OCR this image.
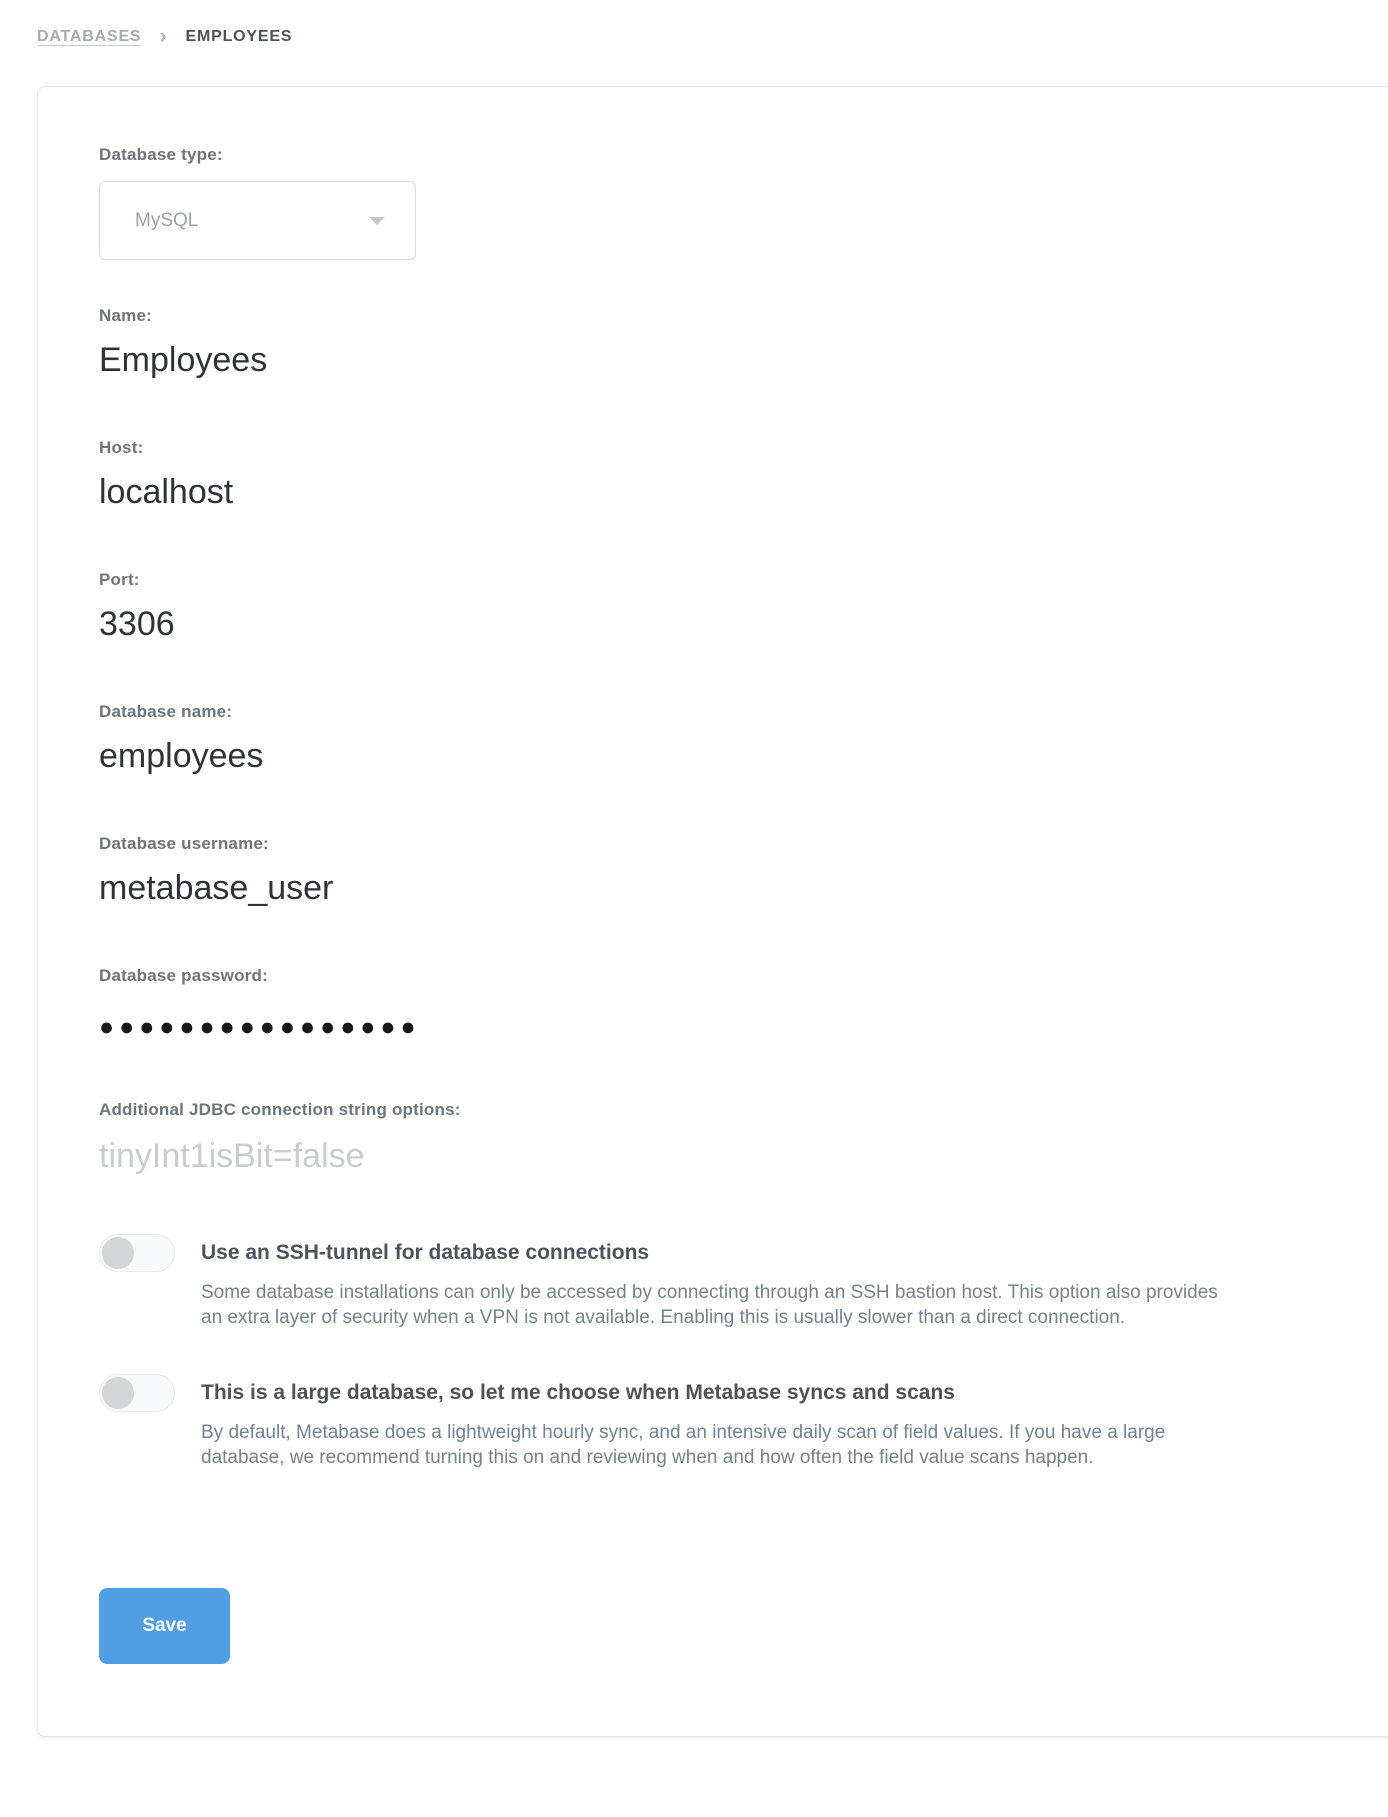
DATABASES › EMPLOYEES
Database type:
MySQL
Name:
Employees
Host:
localhost
Port:
3306
Database name:
employees
Database username:
metabase_user
Database password:
●●●●●●●●●●●●●●●●
Additional JDBC connection string options:
tinyInt1isBit=false
Use an SSH-tunnel for database connections
Some database installations can only be accessed by connecting through an SSH bastion host. This option also provides an extra layer of security when a VPN is not available. Enabling this is usually slower than a direct connection.
This is a large database, so let me choose when Metabase syncs and scans
By default, Metabase does a lightweight hourly sync, and an intensive daily scan of field values. If you have a large database, we recommend turning this on and reviewing when and how often the field value scans happen.
Save
